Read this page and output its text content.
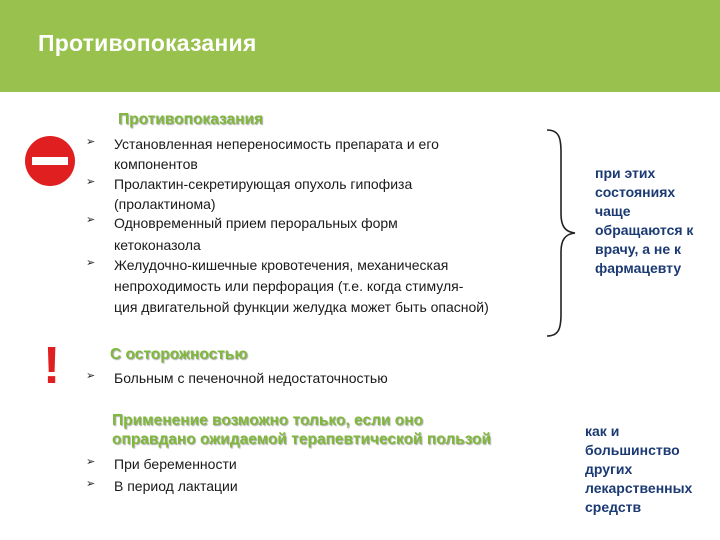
Противопоказания
Противопоказания
➢ Установленная непереносимость препарата и его
компонентов
➢ Пролактин-секретирующая опухоль гипофиза
(пролактинома)
➢ Одновременный прием пероральных форм
кетоконазола
➢ Желудочно-кишечные кровотечения, механическая
непроходимость или перфорация (т.е. когда стимуля-
ция двигательной функции желудка может быть опасной)
при этих
состояниях
чаще
обращаются к
врачу, а не к
фармацевту
!	С осторожностью
➢ Больным с печеночной недостаточностью
Применение возможно только, если оно
оправдано ожидаемой терапевтической пользой
➢ При беременности
➢ В период лактации
как и
большинство
других
лекарственных
средств
